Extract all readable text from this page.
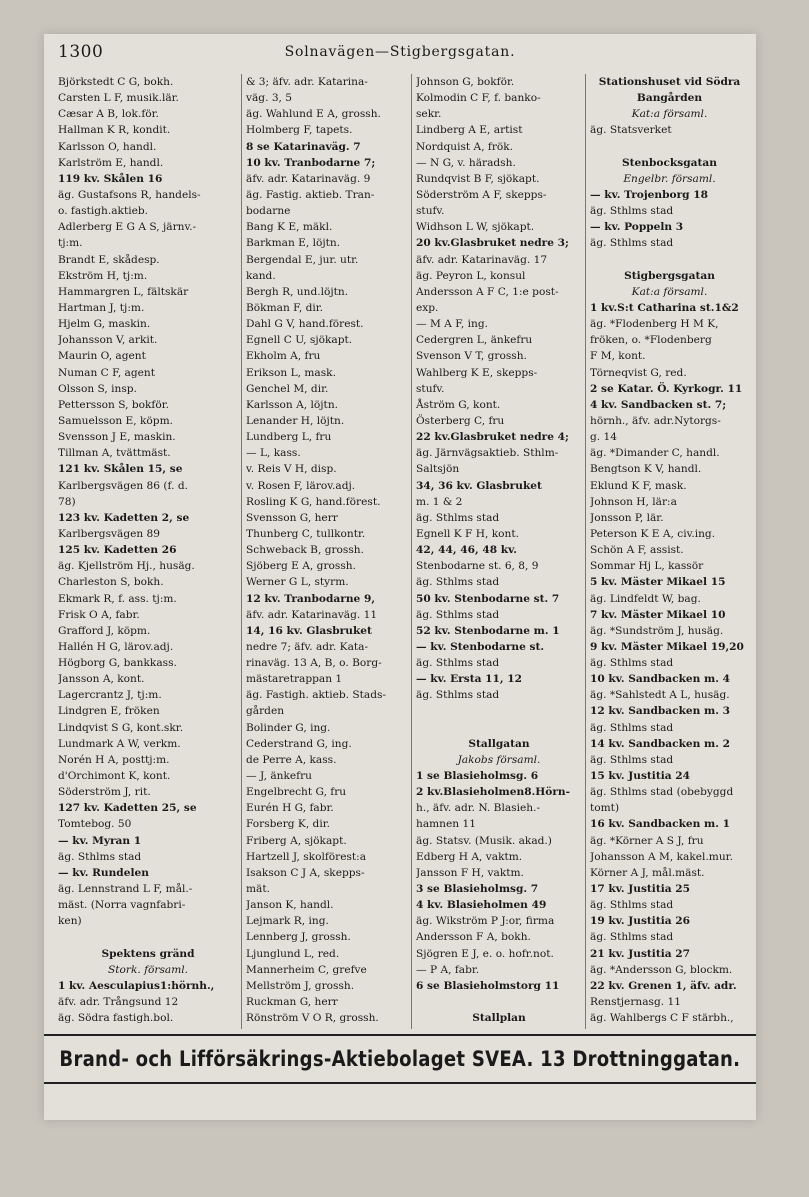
1300	Solnavägen—Stigbergsgatan.
Björkstedt C G, bokh.
Carsten L F, musik.lär.
Cæsar A B, lok.för.
Hallman K R, kondit.
Karlsson O, handl.
Karlström E, handl.
119 kv. Skålen 16
äg. Gustafsons R, handels-
o. fastigh.aktieb.
Adlerberg E G A S, järnv.-
tj:m.
Brandt E, skådesp.
Ekström H, tj:m.
Hammargren L, fältskär
Hartman J, tj:m.
Hjelm G, maskin.
Johansson V, arkit.
Maurin O, agent
Numan C F, agent
Olsson S, insp.
Pettersson S, bokför.
Samuelsson E, köpm.
Svensson J E, maskin.
Tillman A, tvättmäst.
121 kv. Skålen 15, se
Karlbergsvägen 86 (f. d.
78)
123 kv. Kadetten 2, se
Karlbergsvägen 89
125 kv. Kadetten 26
äg. Kjellström Hj., husäg.
Charleston S, bokh.
Ekmark R, f. ass. tj:m.
Frisk O A, fabr.
Grafford J, köpm.
Hallén H G, lärov.adj.
Högborg G, bankkass.
Jansson A, kont.
Lagercrantz J, tj:m.
Lindgren E, fröken
Lindqvist S G, kont.skr.
Lundmark A W, verkm.
Norén H A, posttj:m.
d'Orchimont K, kont.
Söderström J, rit.
127 kv. Kadetten 25, se
Tomtebog. 50
— kv. Myran 1
äg. Sthlms stad
— kv. Rundelen
äg. Lennstrand L F, mål.-
mäst. (Norra vagnfabri-
ken)
Spektens gränd
Stork. församl.
1 kv. Aesculapius1:hörnh.,
äfv. adr. Trångsund 12
äg. Södra fastigh.bol.
& 3; äfv. adr. Katarina-
väg. 3, 5
äg. Wahlund E A, grossh.
Holmberg F, tapets.
8 se Katarinaväg. 7
10 kv. Tranbodarne 7;
äfv. adr. Katarinaväg. 9
äg. Fastig. aktieb. Tran-
bodarne
Bang K E, mäkl.
Barkman E, löjtn.
Bergendal E, jur. utr.
kand.
Bergh R, und.löjtn.
Bökman F, dir.
Dahl G V, hand.förest.
Egnell C U, sjökapt.
Ekholm A, fru
Erikson L, mask.
Genchel M, dir.
Karlsson A, löjtn.
Lenander H, löjtn.
Lundberg L, fru
— L, kass.
v. Reis V H, disp.
v. Rosen F, lärov.adj.
Rosling K G, hand.förest.
Svensson G, herr
Thunberg C, tullkontr.
Schweback B, grossh.
Sjöberg E A, grossh.
Werner G L, styrm.
12 kv. Tranbodarne 9,
äfv. adr. Katarinaväg. 11
14, 16 kv. Glasbruket
nedre 7; äfv. adr. Kata-
rinaväg. 13 A, B, o. Borg-
mästaretrappan 1
äg. Fastigh. aktieb. Stads-
gården
Bolinder G, ing.
Cederstrand G, ing.
de Perre A, kass.
— J, änkefru
Engelbrecht G, fru
Eurén H G, fabr.
Forsberg K, dir.
Friberg A, sjökapt.
Hartzell J, skolförest:a
Isakson C J A, skepps-
mät.
Janson K, handl.
Lejmark R, ing.
Lennberg J, grossh.
Ljunglund L, red.
Mannerheim C, grefve
Mellström J, grossh.
Ruckman G, herr
Rönström V O R, grossh.
Johnson G, bokför.
Kolmodin C F, f. banko-
sekr.
Lindberg A E, artist
Nordquist A, frök.
— N G, v. häradsh.
Rundqvist B F, sjökapt.
Söderström A F, skepps-
stufv.
Widhson L W, sjökapt.
20 kv.Glasbruket nedre 3;
äfv. adr. Katarinaväg. 17
äg. Peyron L, konsul
Andersson A F C, 1:e post-
exp.
— M A F, ing.
Cedergren L, änkefru
Svenson V T, grossh.
Wahlberg K E, skepps-
stufv.
Åström G, kont.
Österberg C, fru
22 kv.Glasbruket nedre 4;
äg. Järnvägsaktieb. Sthlm-
Saltsjön
34, 36 kv. Glasbruket
m. 1 & 2
äg. Sthlms stad
Egnell K F H, kont.
42, 44, 46, 48 kv.
Stenbodarne st. 6, 8, 9
äg. Sthlms stad
50 kv. Stenbodarne st. 7
äg. Sthlms stad
52 kv. Stenbodarne m. 1
— kv. Stenbodarne st.
äg. Sthlms stad
— kv. Ersta 11, 12
äg. Sthlms stad
Stallgatan
Jakobs församl.
1 se Blasieholmsg. 6
2 kv.Blasieholmen8.Hörn-
h., äfv. adr. N. Blasieh.-
hamnen 11
äg. Statsv. (Musik. akad.)
Edberg H A, vaktm.
Jansson F H, vaktm.
3 se Blasieholmsg. 7
4 kv. Blasieholmen 49
äg. Wikström P J:or, firma
Andersson F A, bokh.
Sjögren E J, e. o. hofr.not.
— P A, fabr.
6 se Blasieholmstorg 11
Stallplan
Stationshuset vid Södra
Bangården
Kat:a församl.
äg. Statsverket
Stenbocksgatan
Engelbr. församl.
— kv. Trojenborg 18
äg. Sthlms stad
— kv. Poppeln 3
äg. Sthlms stad
Stigbergsgatan
Kat:a församl.
1 kv.S:t Catharina st.1&2
äg. *Flodenberg H M K,
fröken, o. *Flodenberg
F M, kont.
Törneqvist G, red.
2 se Katar. Ö. Kyrkogr. 11
4 kv. Sandbacken st. 7;
hörnh., äfv. adr.Nytorgs-
g. 14
äg. *Dimander C, handl.
Bengtson K V, handl.
Eklund K F, mask.
Johnson H, lär:a
Jonsson P, lär.
Peterson K E A, civ.ing.
Schön A F, assist.
Sommar Hj L, kassör
5 kv. Mäster Mikael 15
äg. Lindfeldt W, bag.
7 kv. Mäster Mikael 10
äg. *Sundström J, husäg.
9 kv. Mäster Mikael 19,20
äg. Sthlms stad
10 kv. Sandbacken m. 4
äg. *Sahlstedt A L, husäg.
12 kv. Sandbacken m. 3
äg. Sthlms stad
14 kv. Sandbacken m. 2
äg. Sthlms stad
15 kv. Justitia 24
äg. Sthlms stad (obebyggd
tomt)
16 kv. Sandbacken m. 1
äg. *Körner A S J, fru
Johansson A M, kakel.mur.
Körner A J, mål.mäst.
17 kv. Justitia 25
äg. Sthlms stad
19 kv. Justitia 26
äg. Sthlms stad
21 kv. Justitia 27
äg. *Andersson G, blockm.
22 kv. Grenen 1, äfv. adr.
Renstjernasg. 11
äg. Wahlbergs C F stärbh.,
Brand- och Lifförsäkrings-Aktiebolaget SVEA. 13 Drottninggatan.
